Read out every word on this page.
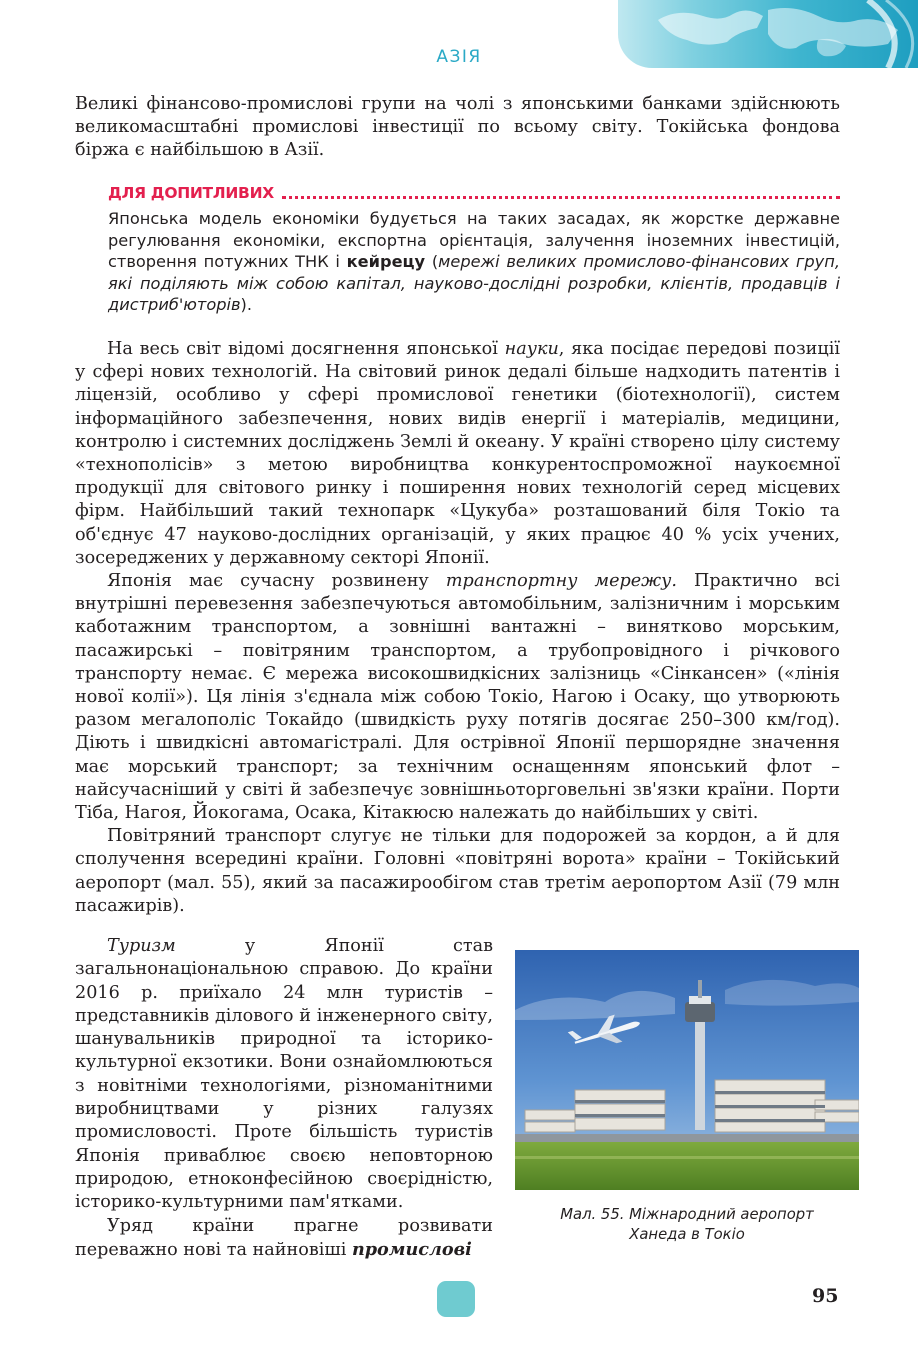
АЗІЯ

Великі фінансово-промислові групи на чолі з японськими банками здійснюють великомасштабні промислові інвестиції по всьому світу. Токійська фондова біржа є найбільшою в Азії.

ДЛЯ ДОПИТЛИВИХ
Японська модель економіки будується на таких засадах, як жорстке державне регулювання економіки, експортна орієнтація, залучення іноземних інвестицій, створення потужних ТНК і кейрецу (мережі великих промислово-фінансових груп, які поділяють між собою капітал, науково-дослідні розробки, клієнтів, продавців і дистриб'юторів).

На весь світ відомі досягнення японської науки, яка посідає передові позиції у сфері нових технологій. На світовий ринок дедалі більше надходить патентів і ліцензій, особливо у сфері промислової генетики (біотехнології), систем інформаційного забезпечення, нових видів енергії і матеріалів, медицини, контролю і системних досліджень Землі й океану. У країні створено цілу систему «технополісів» з метою виробництва конкурентоспроможної наукоємної продукції для світового ринку і поширення нових технологій серед місцевих фірм. Найбільший такий технопарк «Цукуба» розташований біля Токіо та об'єднує 47 науково-дослідних організацій, у яких працює 40 % усіх учених, зосереджених у державному секторі Японії.

Японія має сучасну розвинену транспортну мережу. Практично всі внутрішні перевезення забезпечуються автомобільним, залізничним і морським каботажним транспортом, а зовнішні вантажні – винятково морським, пасажирські – повітряним транспортом, а трубопровідного і річкового транспорту немає. Є мережа високошвидкісних залізниць «Сінкансен» («лінія нової колії»). Ця лінія з'єднала між собою Токіо, Нагою і Осаку, що утворюють разом мегалополіс Токайдо (швидкість руху потягів досягає 250–300 км/год). Діють і швидкісні автомагістралі. Для острівної Японії першорядне значення має морський транспорт; за технічним оснащенням японський флот – найсучасніший у світі й забезпечує зовнішньоторговельні зв'язки країни. Порти Тіба, Нагоя, Йокогама, Осака, Кітакюсю належать до найбільших у світі.

Повітряний транспорт слугує не тільки для подорожей за кордон, а й для сполучення всередині країни. Головні «повітряні ворота» країни – Токійський аеропорт (мал. 55), який за пасажирообігом став третім аеропортом Азії (79 млн пасажирів).

Туризм у Японії став загальнонаціональною справою. До країни 2016 р. приїхало 24 млн туристів – представників ділового й інженерного світу, шанувальників природної та історико-культурної екзотики. Вони ознайомлюються з новітніми технологіями, різноманітними виробництвами у різних галузях промисловості. Проте більшість туристів Японія приваблює своєю неповторною природою, етноконфесійною своєрідністю, історико-культурними пам'ятками.

Уряд країни прагне розвивати переважно нові та найновіші промислові

Мал. 55. Міжнародний аеропорт
Ханеда в Токіо
95
